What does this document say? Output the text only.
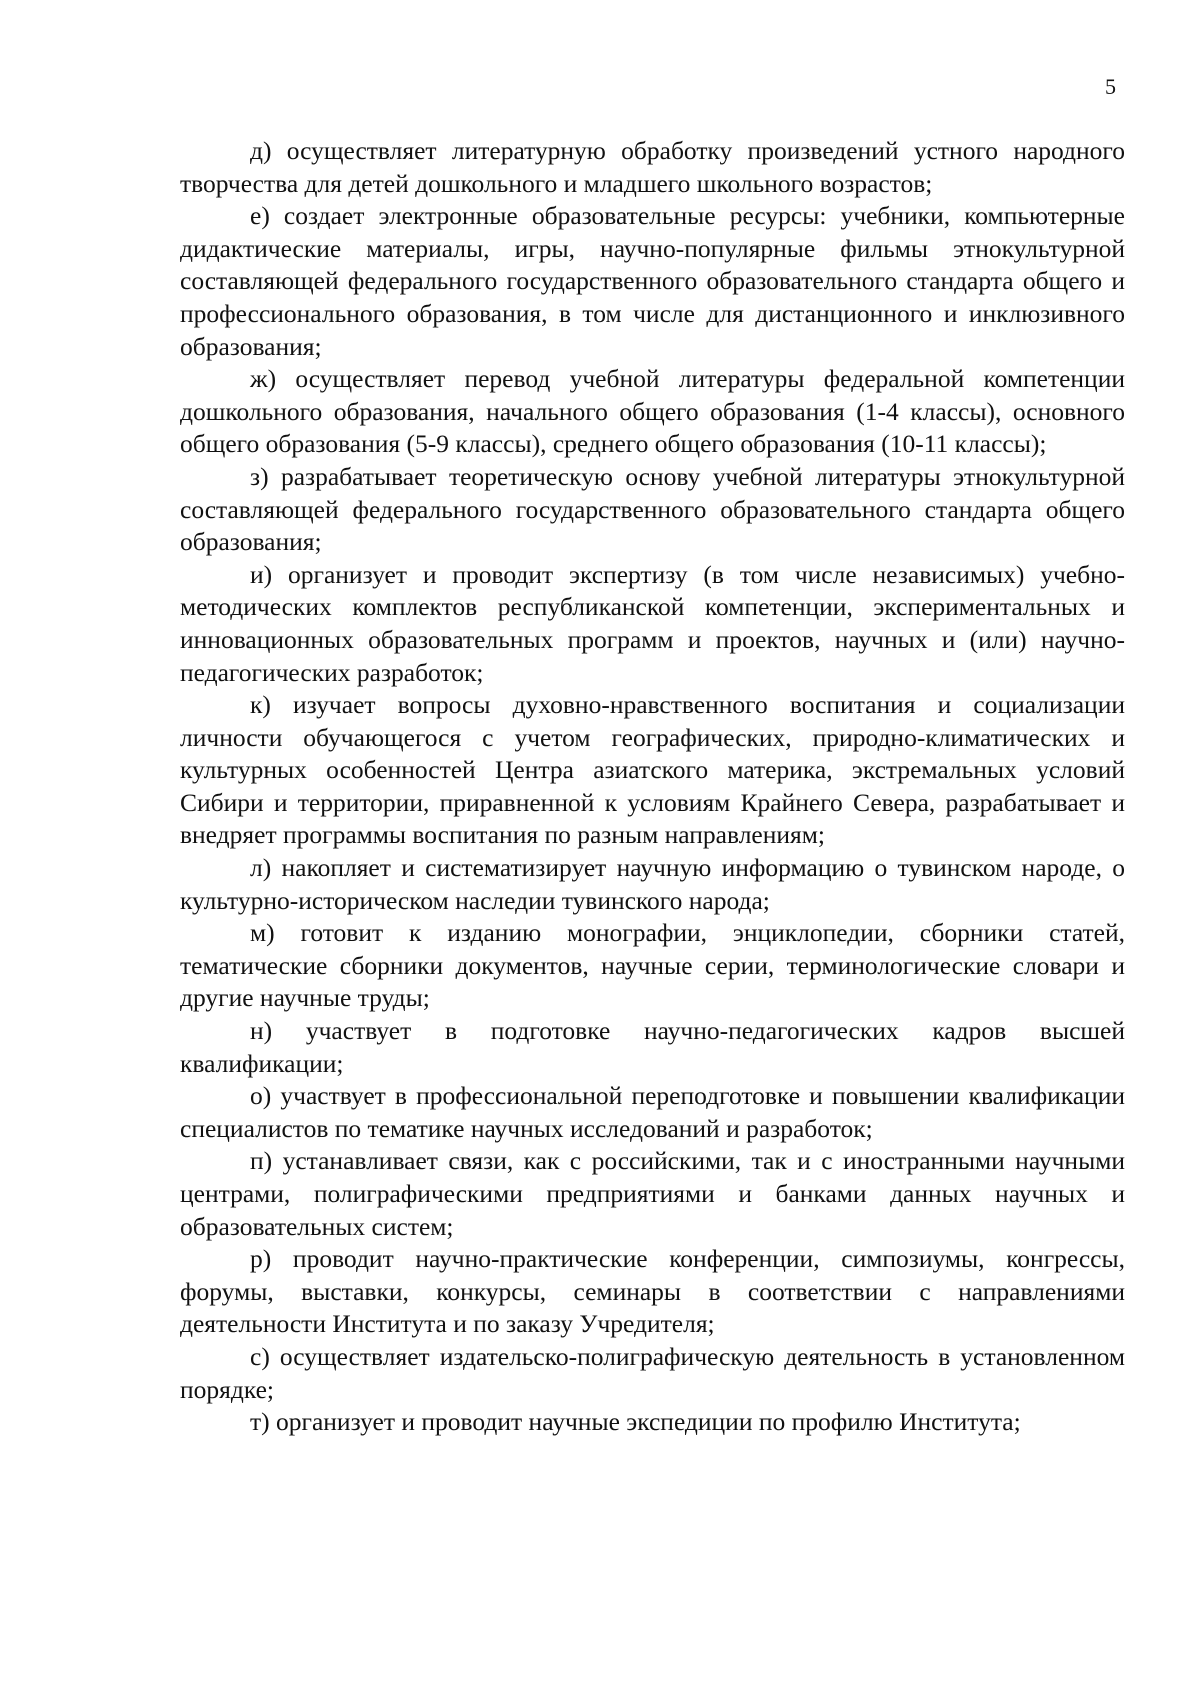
5

д) осуществляет литературную обработку произведений устного народного творчества для детей дошкольного и младшего школьного возрастов;

е) создает электронные образовательные ресурсы: учебники, компьютерные дидактические материалы, игры, научно-популярные фильмы этнокультурной составляющей федерального государственного образовательного стандарта общего и профессионального образования, в том числе для дистанционного и инклюзивного образования;

ж) осуществляет перевод учебной литературы федеральной компетенции дошкольного образования, начального общего образования (1-4 классы), основного общего образования (5-9 классы), среднего общего образования (10-11 классы);

з) разрабатывает теоретическую основу учебной литературы этнокультурной составляющей федерального государственного образовательного стандарта общего образования;

и) организует и проводит экспертизу (в том числе независимых) учебно-методических комплектов республиканской компетенции, экспериментальных и инновационных образовательных программ и проектов, научных и (или) научно-педагогических разработок;

к) изучает вопросы духовно-нравственного воспитания и социализации личности обучающегося с учетом географических, природно-климатических и культурных особенностей Центра азиатского материка, экстремальных условий Сибири и территории, приравненной к условиям Крайнего Севера, разрабатывает и внедряет программы воспитания по разным направлениям;

л) накопляет и систематизирует научную информацию о тувинском народе, о культурно-историческом наследии тувинского народа;

м) готовит к изданию монографии, энциклопедии, сборники статей, тематические сборники документов, научные серии, терминологические словари и другие научные труды;

н) участвует в подготовке научно-педагогических кадров высшей квалификации;

о) участвует в профессиональной переподготовке и повышении квалификации специалистов по тематике научных исследований и разработок;

п) устанавливает связи, как с российскими, так и с иностранными научными центрами, полиграфическими предприятиями и банками данных научных и образовательных систем;

р) проводит научно-практические конференции, симпозиумы, конгрессы, форумы, выставки, конкурсы, семинары в соответствии с направлениями деятельности Института и по заказу Учредителя;

с) осуществляет издательско-полиграфическую деятельность в установленном порядке;

т) организует и проводит научные экспедиции по профилю Института;
